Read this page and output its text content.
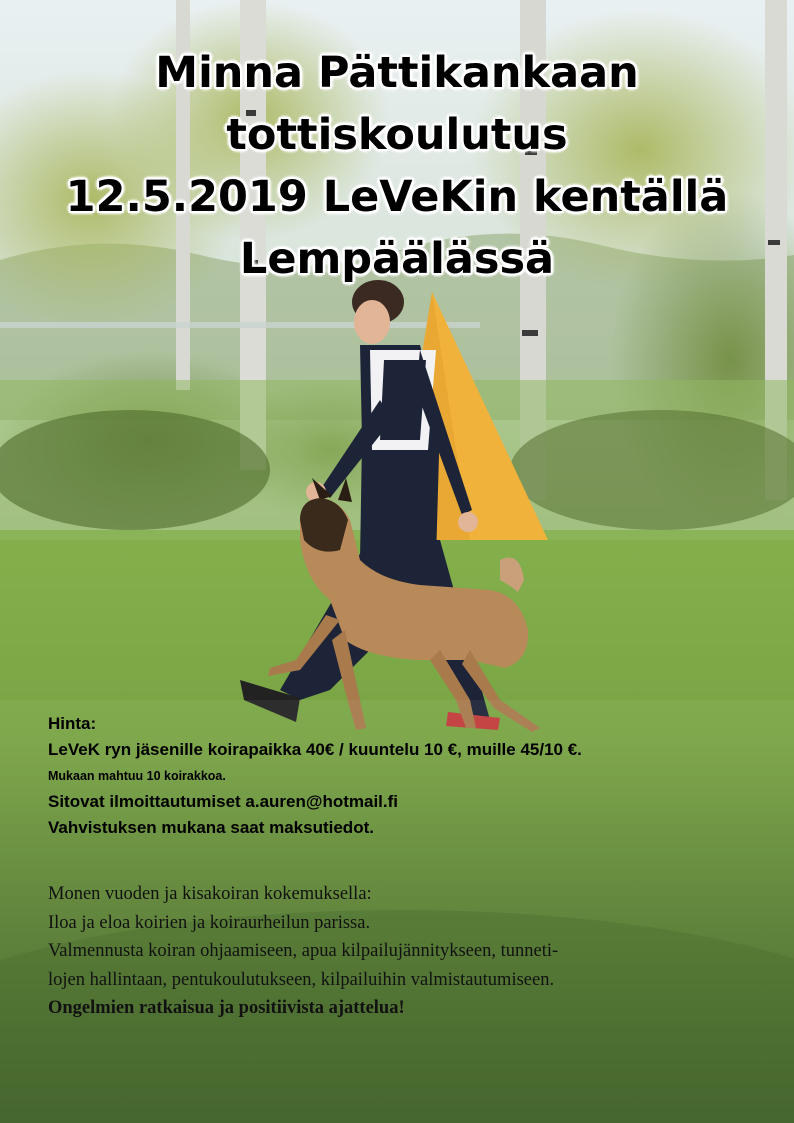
Minna Pättikankaan
tottiskoulutus
12.5.2019 LeVeKin kentällä
Lempäälässä
Hinta:
LeVeK ryn jäsenille koirapaikka 40€ / kuuntelu 10 €, muille 45/10 €.
Mukaan mahtuu 10 koirakkoa.
Sitovat ilmoittautumiset a.auren@hotmail.fi
Vahvistuksen mukana saat maksutiedot.
Monen vuoden ja kisakoiran kokemuksella:
Iloa ja eloa koirien ja koiraurheilun parissa.
Valmennusta koiran ohjaamiseen, apua kilpailujännitykseen, tunneti-
lojen hallintaan, pentukoulutukseen, kilpailuihin valmistautumiseen.
Ongelmien ratkaisua ja positiivista ajattelua!
